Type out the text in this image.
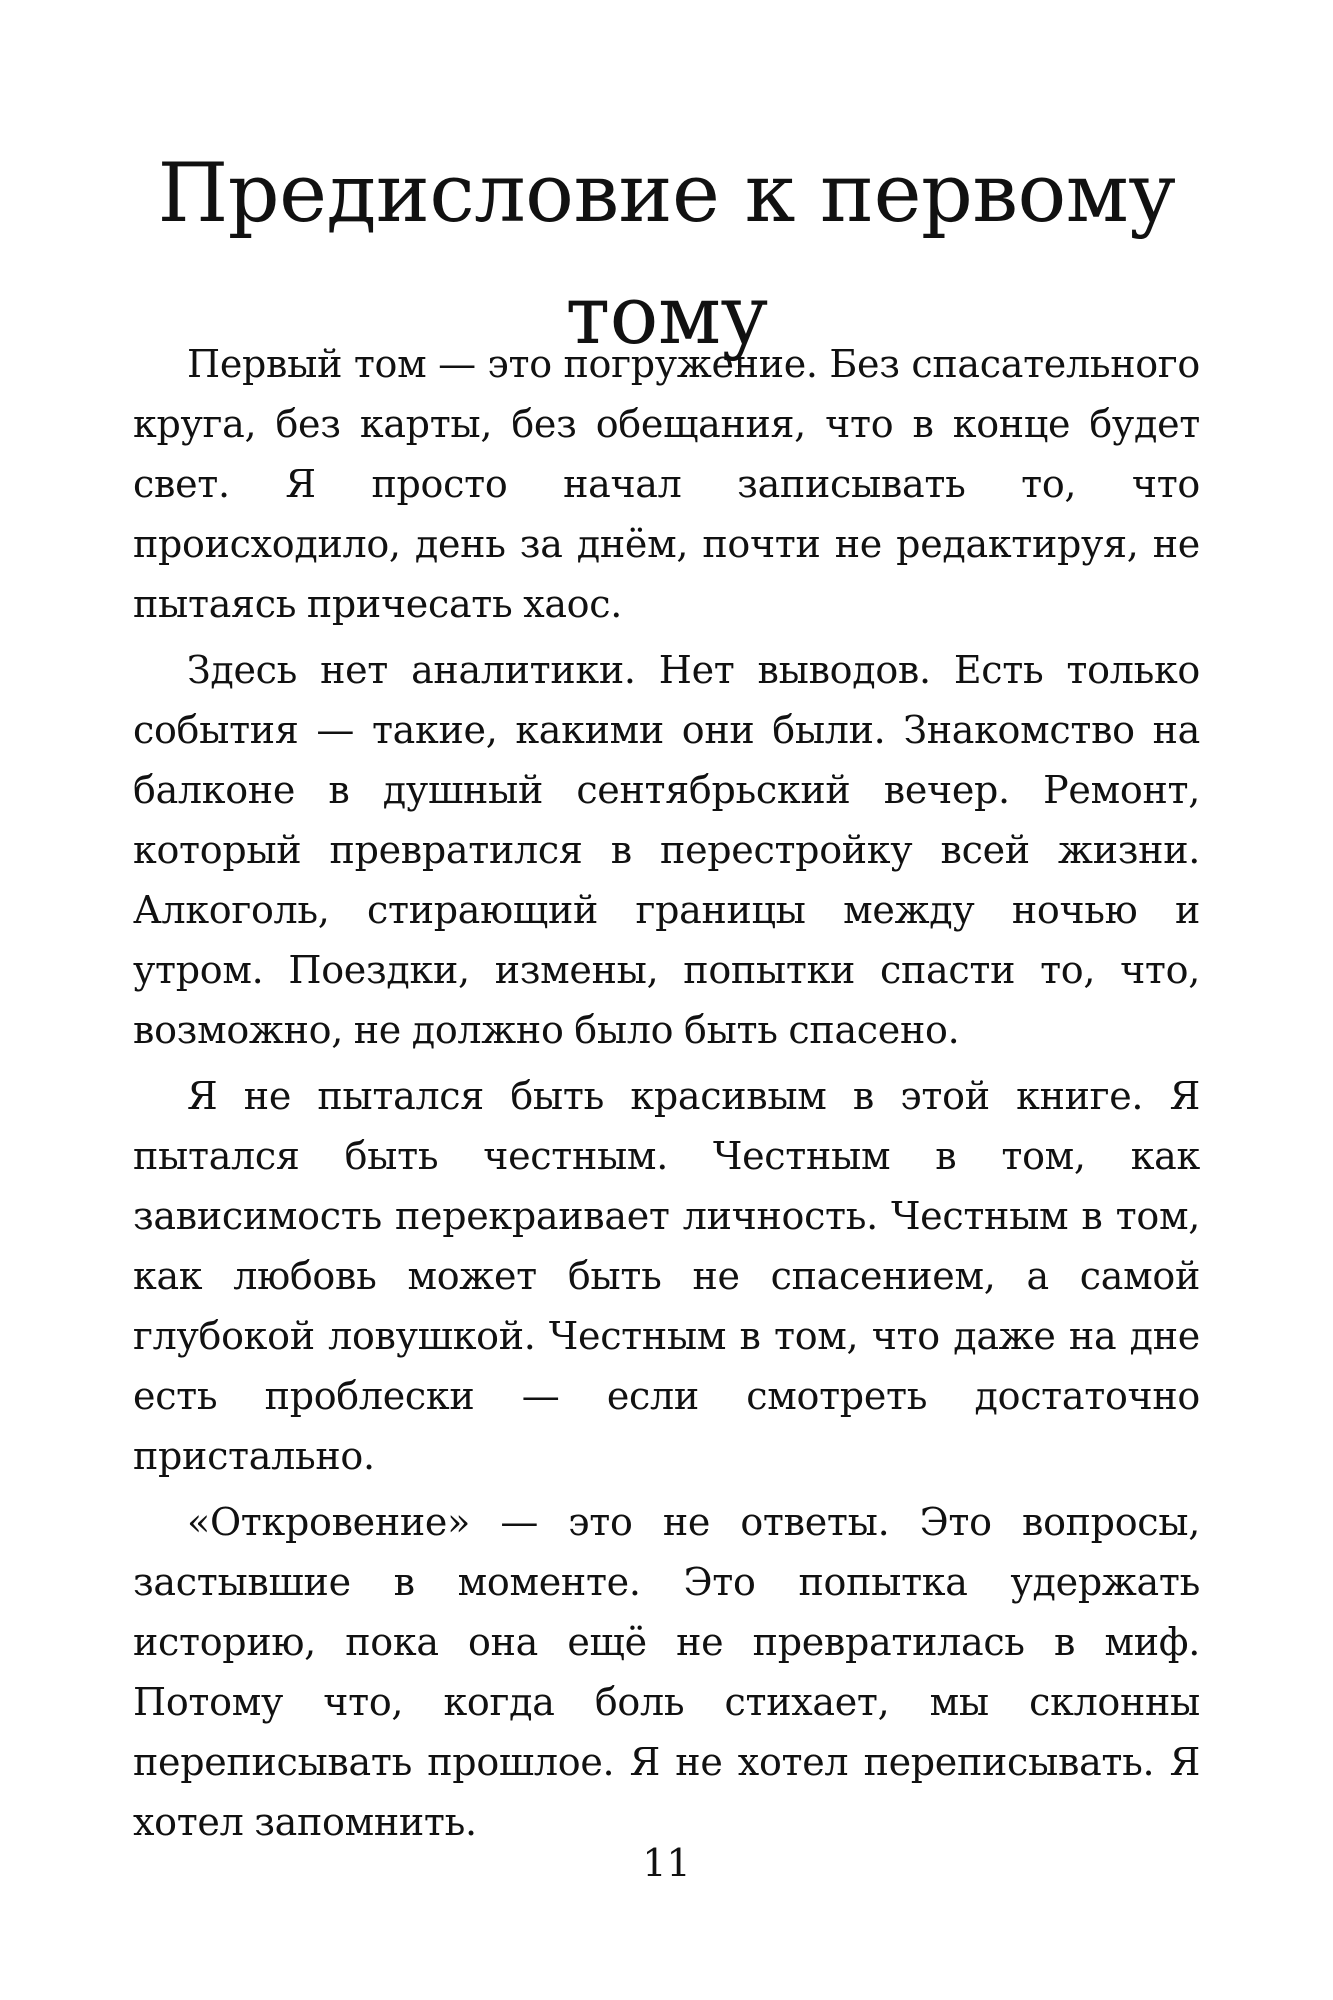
Предисловие к первому тому

Первый том — это погружение. Без спасательного круга, без карты, без обещания, что в конце будет свет. Я просто начал записывать то, что происходило, день за днём, почти не редактируя, не пытаясь причесать хаос.

Здесь нет аналитики. Нет выводов. Есть только события — такие, какими они были. Знакомство на балконе в душный сентябрьский вечер. Ремонт, который превратился в перестройку всей жизни. Алкоголь, стирающий границы между ночью и утром. Поездки, измены, попытки спасти то, что, возможно, не должно было быть спасено.

Я не пытался быть красивым в этой книге. Я пытался быть честным. Честным в том, как зависимость перекраивает личность. Честным в том, как любовь может быть не спасением, а самой глубокой ловушкой. Честным в том, что даже на дне есть проблески — если смотреть достаточно пристально.

«Откровение» — это не ответы. Это вопросы, застывшие в моменте. Это попытка удержать историю, пока она ещё не превратилась в миф. Потому что, когда боль стихает, мы склонны переписывать прошлое. Я не хотел переписывать. Я хотел запомнить.

11
